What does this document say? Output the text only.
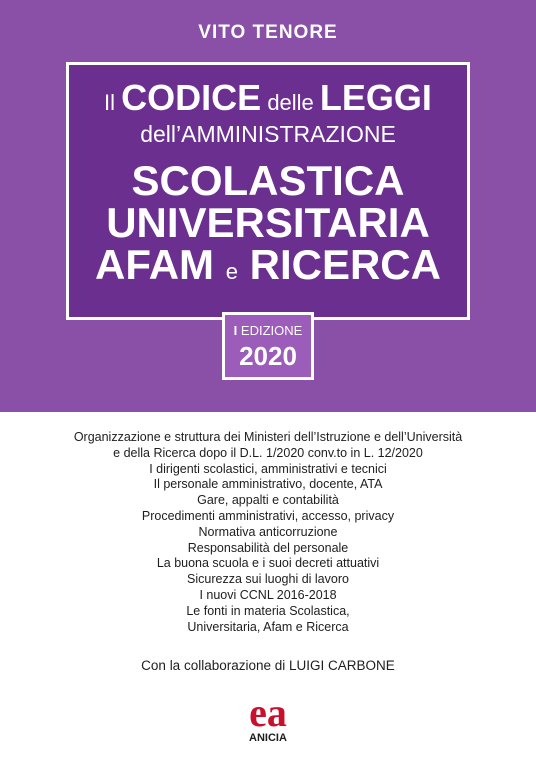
VITO TENORE
Il CODICE delle LEGGI
dell’AMMINISTRAZIONE
SCOLASTICA
UNIVERSITARIA
AFAM e RICERCA
I EDIZIONE
2020
Organizzazione e struttura dei Ministeri dell’Istruzione e dell’Università
e della Ricerca dopo il D.L. 1/2020 conv.to in L. 12/2020
I dirigenti scolastici, amministrativi e tecnici
Il personale amministrativo, docente, ATA
Gare, appalti e contabilità
Procedimenti amministrativi, accesso, privacy
Normativa anticorruzione
Responsabilità del personale
La buona scuola e i suoi decreti attuativi
Sicurezza sui luoghi di lavoro
I nuovi CCNL 2016-2018
Le fonti in materia Scolastica,
Universitaria, Afam e Ricerca
Con la collaborazione di LUIGI CARBONE
ea
ANICIA
